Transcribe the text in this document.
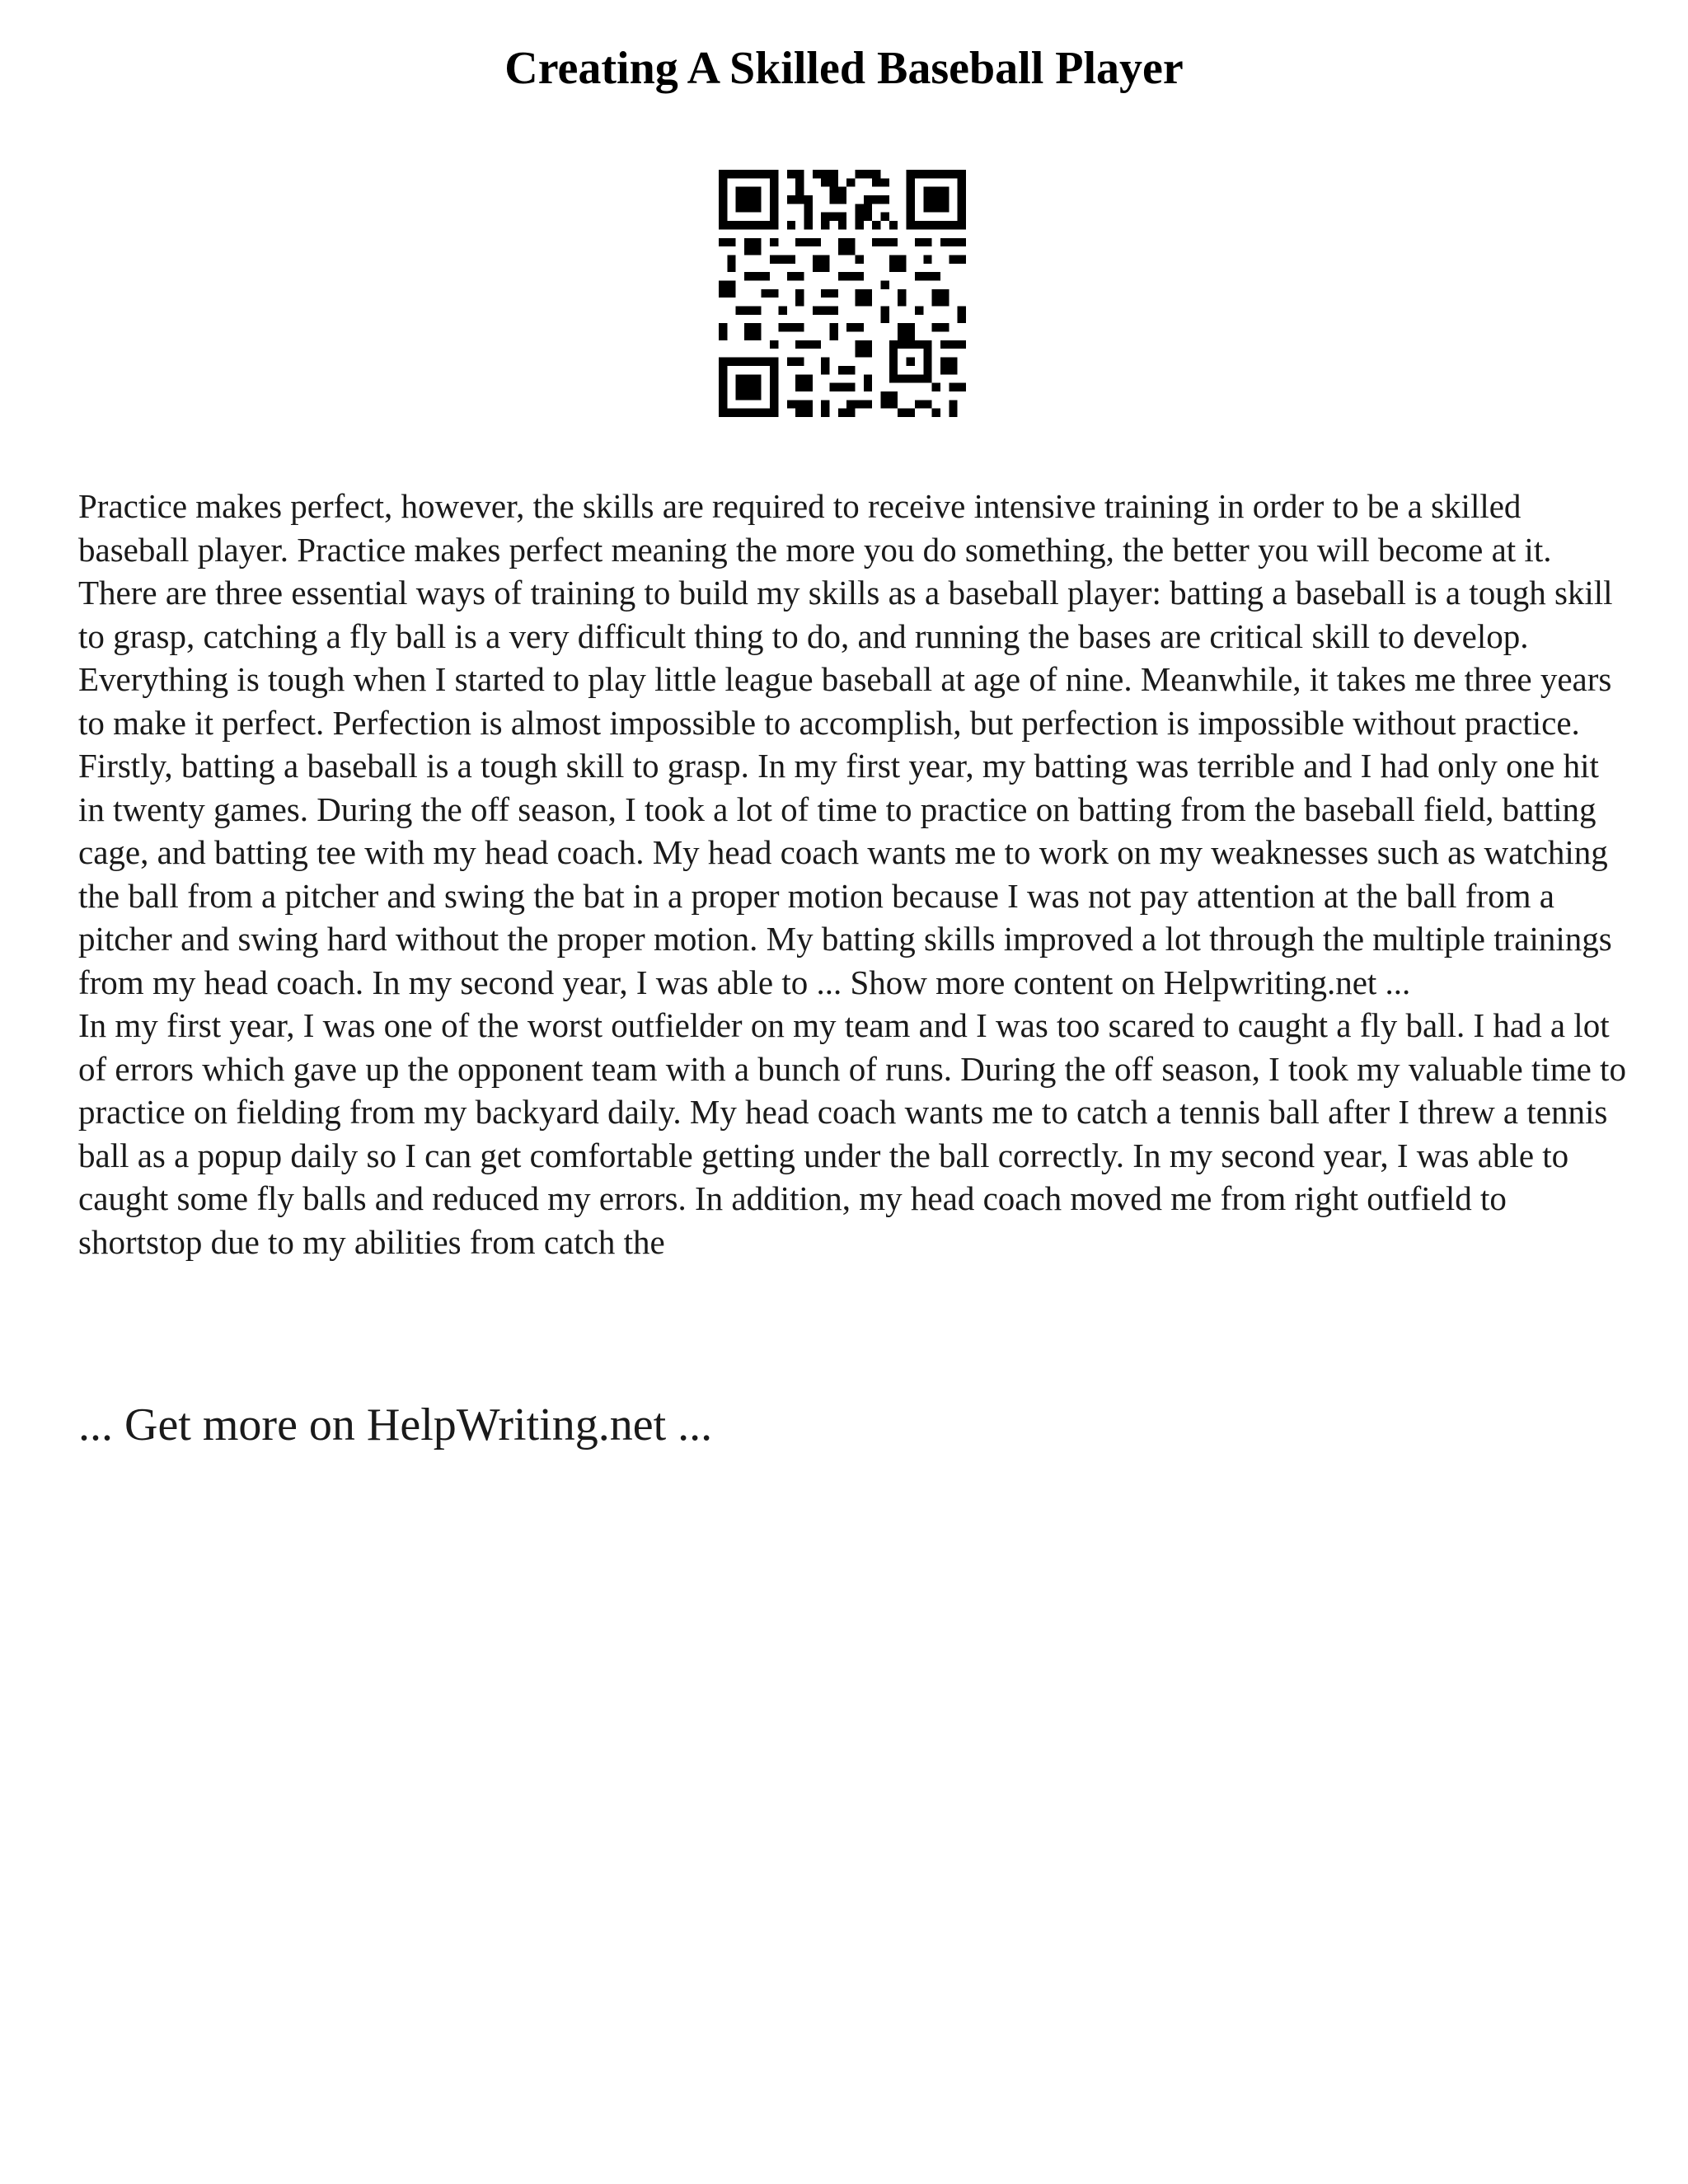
Creating A Skilled Baseball Player

Practice makes perfect, however, the skills are required to receive intensive training in order to be a skilled baseball player. Practice makes perfect meaning the more you do something, the better you will become at it. There are three essential ways of training to build my skills as a baseball player: batting a baseball is a tough skill to grasp, catching a fly ball is a very difficult thing to do, and running the bases are critical skill to develop. Everything is tough when I started to play little league baseball at age of nine. Meanwhile, it takes me three years to make it perfect. Perfection is almost impossible to accomplish, but perfection is impossible without practice. Firstly, batting a baseball is a tough skill to grasp. In my first year, my batting was terrible and I had only one hit in twenty games. During the off season, I took a lot of time to practice on batting from the baseball field, batting cage, and batting tee with my head coach. My head coach wants me to work on my weaknesses such as watching the ball from a pitcher and swing the bat in a proper motion because I was not pay attention at the ball from a pitcher and swing hard without the proper motion. My batting skills improved a lot through the multiple trainings from my head coach. In my second year, I was able to ... Show more content on Helpwriting.net ...

In my first year, I was one of the worst outfielder on my team and I was too scared to caught a fly ball. I had a lot of errors which gave up the opponent team with a bunch of runs. During the off season, I took my valuable time to practice on fielding from my backyard daily. My head coach wants me to catch a tennis ball after I threw a tennis ball as a popup daily so I can get comfortable getting under the ball correctly. In my second year, I was able to caught some fly balls and reduced my errors. In addition, my head coach moved me from right outfield to shortstop due to my abilities from catch the

... Get more on HelpWriting.net ...
